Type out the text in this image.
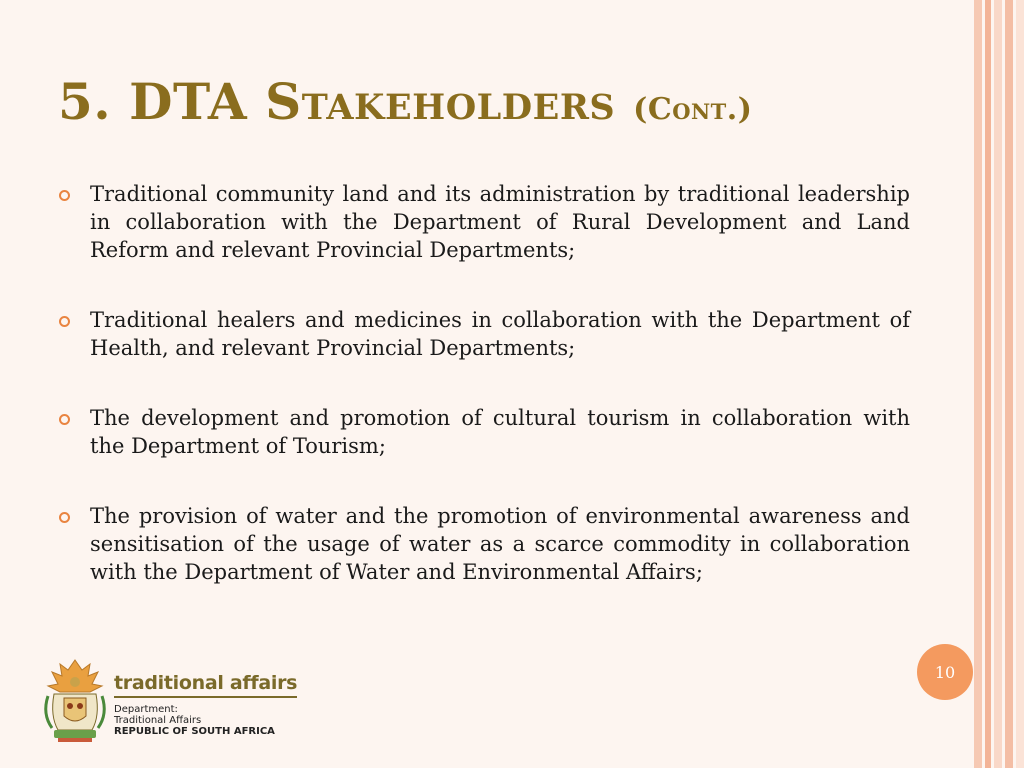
5. DTA Stakeholders (Cont.)
Traditional community land and its administration by traditional leadership in collaboration with the Department of Rural Development and Land Reform and relevant Provincial Departments;
Traditional healers and medicines in collaboration with the Department of Health, and relevant Provincial Departments;
The development and promotion of cultural tourism in collaboration with the Department of Tourism;
The provision of water and the promotion of environmental awareness and sensitisation of the usage of water as a scarce commodity in collaboration with the Department of Water and Environmental Affairs;
traditional affairs
Department:
Traditional Affairs
REPUBLIC OF SOUTH AFRICA
10
